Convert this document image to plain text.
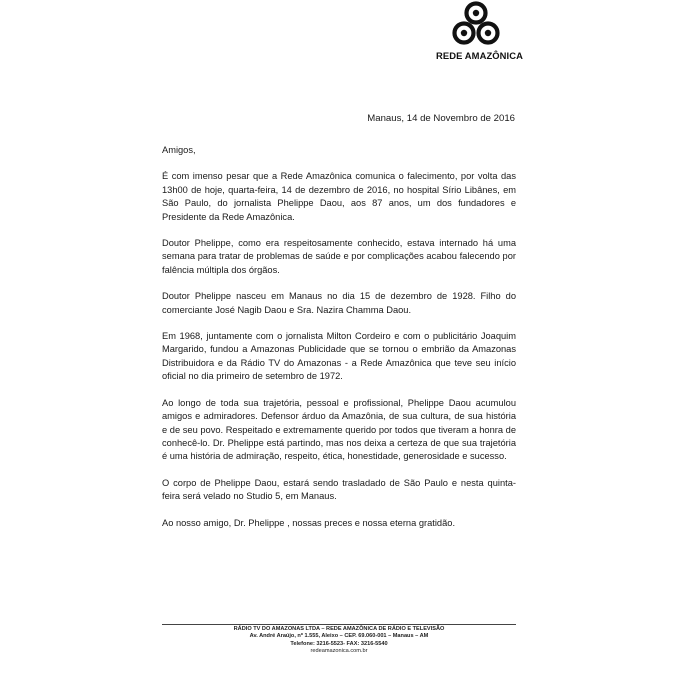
REDE AMAZÔNICA
Manaus, 14 de Novembro de 2016

Amigos,

É com imenso pesar que a Rede Amazônica comunica o falecimento, por volta das 13h00 de hoje, quarta-feira, 14 de dezembro de 2016, no hospital Sírio Libânes, em São Paulo, do jornalista Phelippe Daou, aos 87 anos, um dos fundadores e Presidente da Rede Amazônica.

Doutor Phelippe, como era respeitosamente conhecido, estava internado há uma semana para tratar de problemas de saúde e por complicações acabou falecendo por falência múltipla dos órgãos.

Doutor Phelippe nasceu em Manaus no dia 15 de dezembro de 1928. Filho do comerciante José Nagib Daou e Sra. Nazira Chamma Daou.

Em 1968, juntamente com o jornalista Milton Cordeiro e com o publicitário Joaquim Margarido, fundou a Amazonas Publicidade que se tornou o embrião da Amazonas Distribuidora e da Rádio TV do Amazonas - a Rede Amazônica que teve seu início oficial no dia primeiro de setembro de 1972.

Ao longo de toda sua trajetória, pessoal e profissional, Phelippe Daou acumulou amigos e admiradores. Defensor árduo da Amazônia, de sua cultura, de sua história e de seu povo. Respeitado e extremamente querido por todos que tiveram a honra de conhecê-lo. Dr. Phelippe está partindo, mas nos deixa a certeza de que sua trajetória é uma história de admiração, respeito, ética, honestidade, generosidade e sucesso.

O corpo de Phelippe Daou, estará sendo trasladado de São Paulo e nesta quinta-feira será velado no Studio 5, em Manaus.

Ao nosso amigo, Dr. Phelippe , nossas preces e nossa eterna gratidão.

RÁDIO TV DO AMAZONAS LTDA – REDE AMAZÔNICA DE RÁDIO E TELEVISÃO
Av. André Araújo, nº 1.555, Aleixo – CEP. 69.060-001 – Manaus – AM
Telefone: 3216-5523- FAX: 3216-5540
redeamazonica.com.br
